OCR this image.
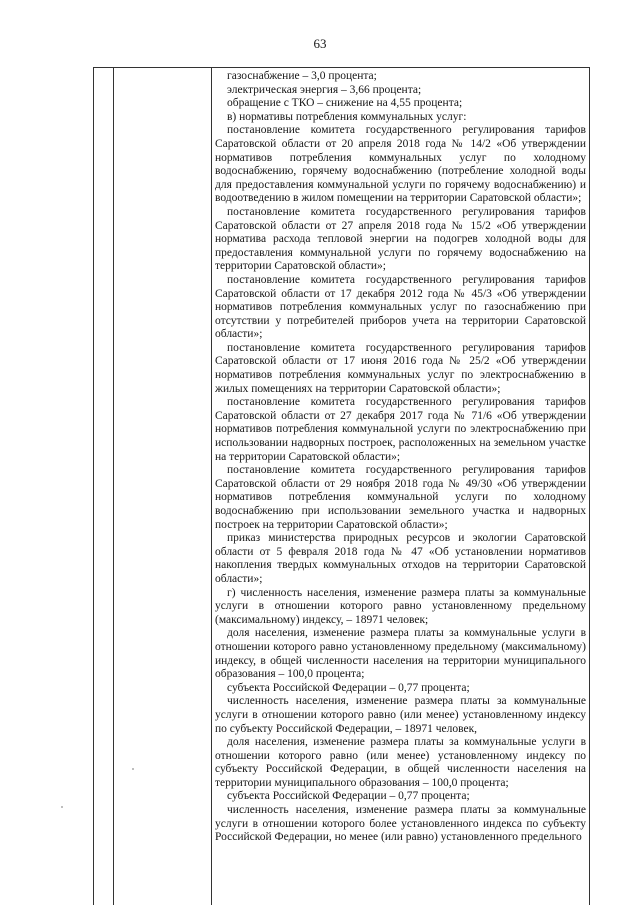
63

газоснабжение – 3,0 процента;

электрическая энергия – 3,66 процента;

обращение с ТКО – снижение на 4,55 процента;

в) нормативы потребления коммунальных услуг:

постановление комитета государственного регулирования тарифов Саратовской области от 20 апреля 2018 года № 14/2 «Об утверждении нормативов потребления коммунальных услуг по холодному водоснабжению, горячему водоснабжению (потребление холодной воды для предоставления коммунальной услуги по горячему водоснабжению) и водоотведению в жилом помещении на территории Саратовской области»;

постановление комитета государственного регулирования тарифов Саратовской области от 27 апреля 2018 года № 15/2 «Об утверждении норматива расхода тепловой энергии на подогрев холодной воды для предоставления коммунальной услуги по горячему водоснабжению на территории Саратовской области»;

постановление комитета государственного регулирования тарифов Саратовской области от 17 декабря 2012 года № 45/3 «Об утверждении нормативов потребления коммунальных услуг по газоснабжению при отсутствии у потребителей приборов учета на территории Саратовской области»;

постановление комитета государственного регулирования тарифов Саратовской области от 17 июня 2016 года № 25/2 «Об утверждении нормативов потребления коммунальных услуг по электроснабжению в жилых помещениях на территории Саратовской области»;

постановление комитета государственного регулирования тарифов Саратовской области от 27 декабря 2017 года № 71/6 «Об утверждении нормативов потребления коммунальной услуги по электроснабжению при использовании надворных построек, расположенных на земельном участке на территории Саратовской области»;

постановление комитета государственного регулирования тарифов Саратовской области от 29 ноября 2018 года № 49/30 «Об утверждении нормативов потребления коммунальной услуги по холодному водоснабжению при использовании земельного участка и надворных построек на территории Саратовской области»;

приказ министерства природных ресурсов и экологии Саратовской области от 5 февраля 2018 года № 47 «Об установлении нормативов накопления твердых коммунальных отходов на территории Саратовской области»;

г) численность населения, изменение размера платы за коммунальные услуги в отношении которого равно установленному предельному (максимальному) индексу, – 18971 человек;

доля населения, изменение размера платы за коммунальные услуги в отношении которого равно установленному предельному (максимальному) индексу, в общей численности населения на территории муниципального образования – 100,0 процента;

субъекта Российской Федерации – 0,77 процента;

численность населения, изменение размера платы за коммунальные услуги в отношении которого равно (или менее) установленному индексу по субъекту Российской Федерации, – 18971 человек,

доля населения, изменение размера платы за коммунальные услуги в отношении которого равно (или менее) установленному индексу по субъекту Российской Федерации, в общей численности населения на территории муниципального образования – 100,0 процента;

субъекта Российской Федерации – 0,77 процента;

численность населения, изменение размера платы за коммунальные услуги в отношении которого более установленного индекса по субъекту Российской Федерации, но менее (или равно) установленного предельного
